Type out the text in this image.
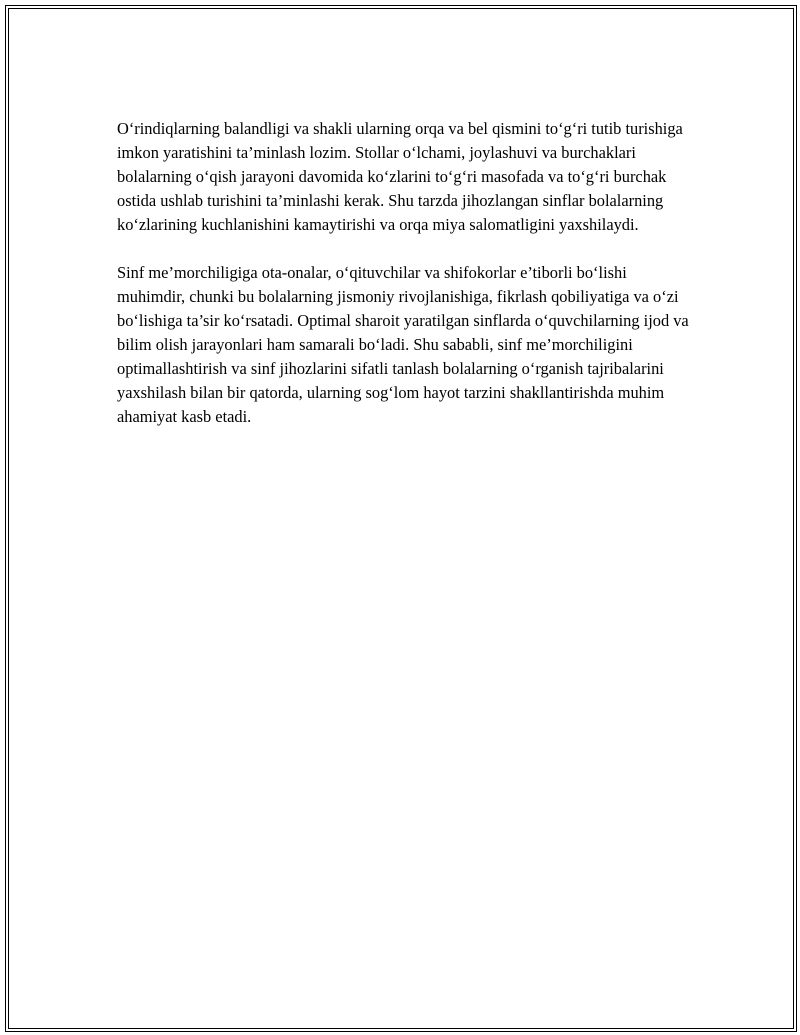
O‘rindiqlarning balandligi va shakli ularning orqa va bel qismini to‘g‘ri tutib turishiga imkon yaratishini ta’minlash lozim. Stollar o‘lchami, joylashuvi va burchaklari bolalarning o‘qish jarayoni davomida ko‘zlarini to‘g‘ri masofada va to‘g‘ri burchak ostida ushlab turishini ta’minlashi kerak. Shu tarzda jihozlangan sinflar bolalarning ko‘zlarining kuchlanishini kamaytirishi va orqa miya salomatligini yaxshilaydi.

Sinf me’morchiligiga ota-onalar, o‘qituvchilar va shifokorlar e’tiborli bo‘lishi muhimdir, chunki bu bolalarning jismoniy rivojlanishiga, fikrlash qobiliyatiga va o‘zi bo‘lishiga ta’sir ko‘rsatadi. Optimal sharoit yaratilgan sinflarda o‘quvchilarning ijod va bilim olish jarayonlari ham samarali bo‘ladi. Shu sababli, sinf me’morchiligini optimallashtirish va sinf jihozlarini sifatli tanlash bolalarning o‘rganish tajribalarini yaxshilash bilan bir qatorda, ularning sog‘lom hayot tarzini shakllantirishda muhim ahamiyat kasb etadi.
